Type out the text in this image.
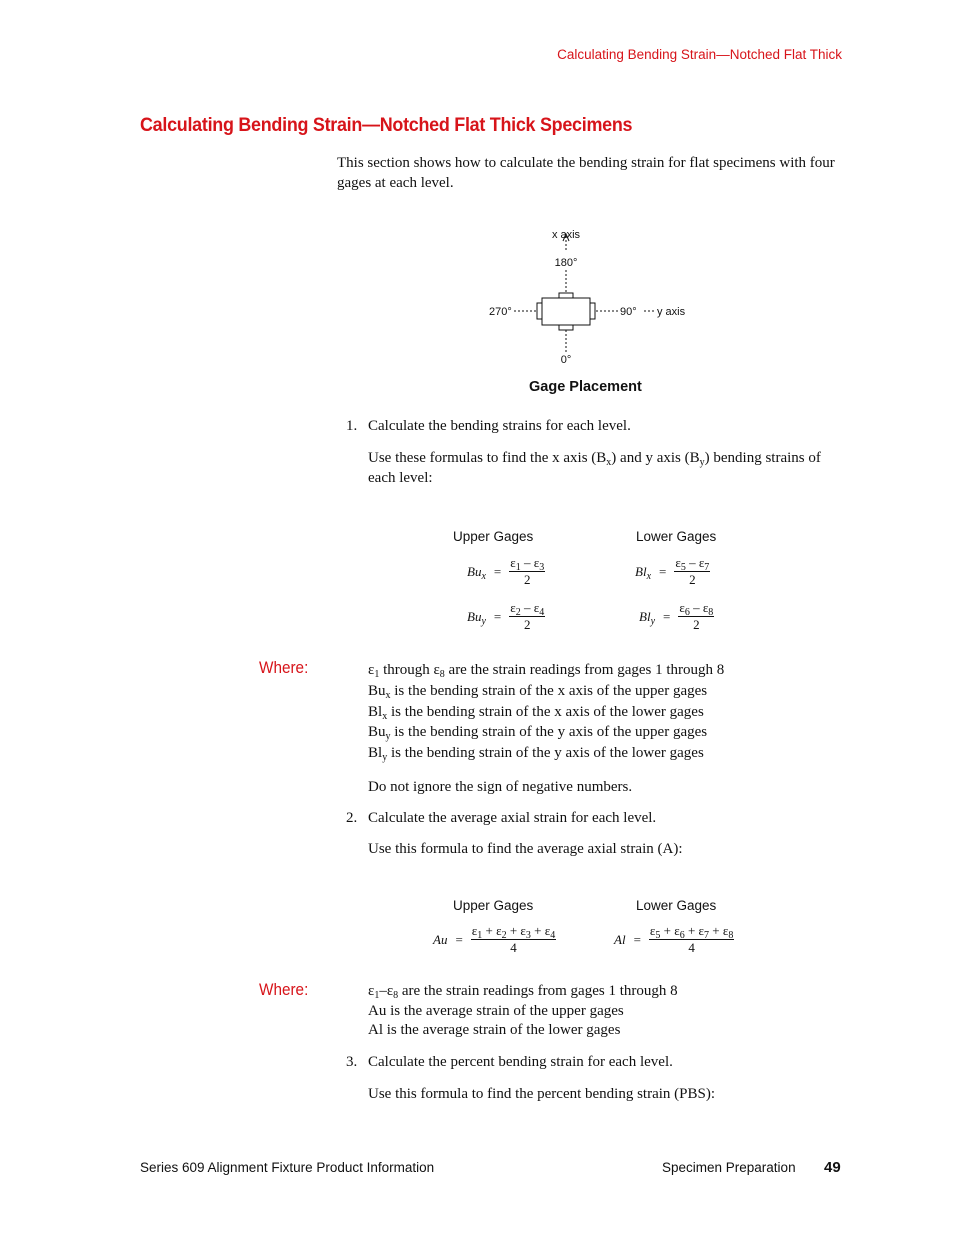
Calculating Bending Strain—Notched Flat Thick
Calculating Bending Strain—Notched Flat Thick Specimens
This section shows how to calculate the bending strain for flat specimens with four gages at each level.
x axis
180°
270°	90° y axis
0°
Gage Placement
1. Calculate the bending strains for each level.
Use these formulas to find the x axis $(B_x)$ and y axis $(B_y)$ bending strains of each level:
Upper Gages	Lower Gages
$Bu_x = \frac{\varepsilon_1 - \varepsilon_3}{2}$	$Bl_x = \frac{\varepsilon_5 - \varepsilon_7}{2}$
$Bu_y = \frac{\varepsilon_2 - \varepsilon_4}{2}$	$Bl_y = \frac{\varepsilon_6 - \varepsilon_8}{2}$
Where:	$\varepsilon_1$ through $\varepsilon_8$ are the strain readings from gages 1 through 8
$Bu_x$ is the bending strain of the x axis of the upper gages
$Bl_x$ is the bending strain of the x axis of the lower gages
$Bu_y$ is the bending strain of the y axis of the upper gages
$Bl_y$ is the bending strain of the y axis of the lower gages
Do not ignore the sign of negative numbers.
2. Calculate the average axial strain for each level.
Use this formula to find the average axial strain (A):
Upper Gages	Lower Gages
$Au = \frac{\varepsilon_1 + \varepsilon_2 + \varepsilon_3 + \varepsilon_4}{4}$	$Al = \frac{\varepsilon_5 + \varepsilon_6 + \varepsilon_7 + \varepsilon_8}{4}$
Where:	$\varepsilon_1-\varepsilon_8$ are the strain readings from gages 1 through 8
Au is the average strain of the upper gages
Al is the average strain of the lower gages
3. Calculate the percent bending strain for each level.
Use this formula to find the percent bending strain (PBS):
Series 609 Alignment Fixture Product Information	Specimen Preparation 49
